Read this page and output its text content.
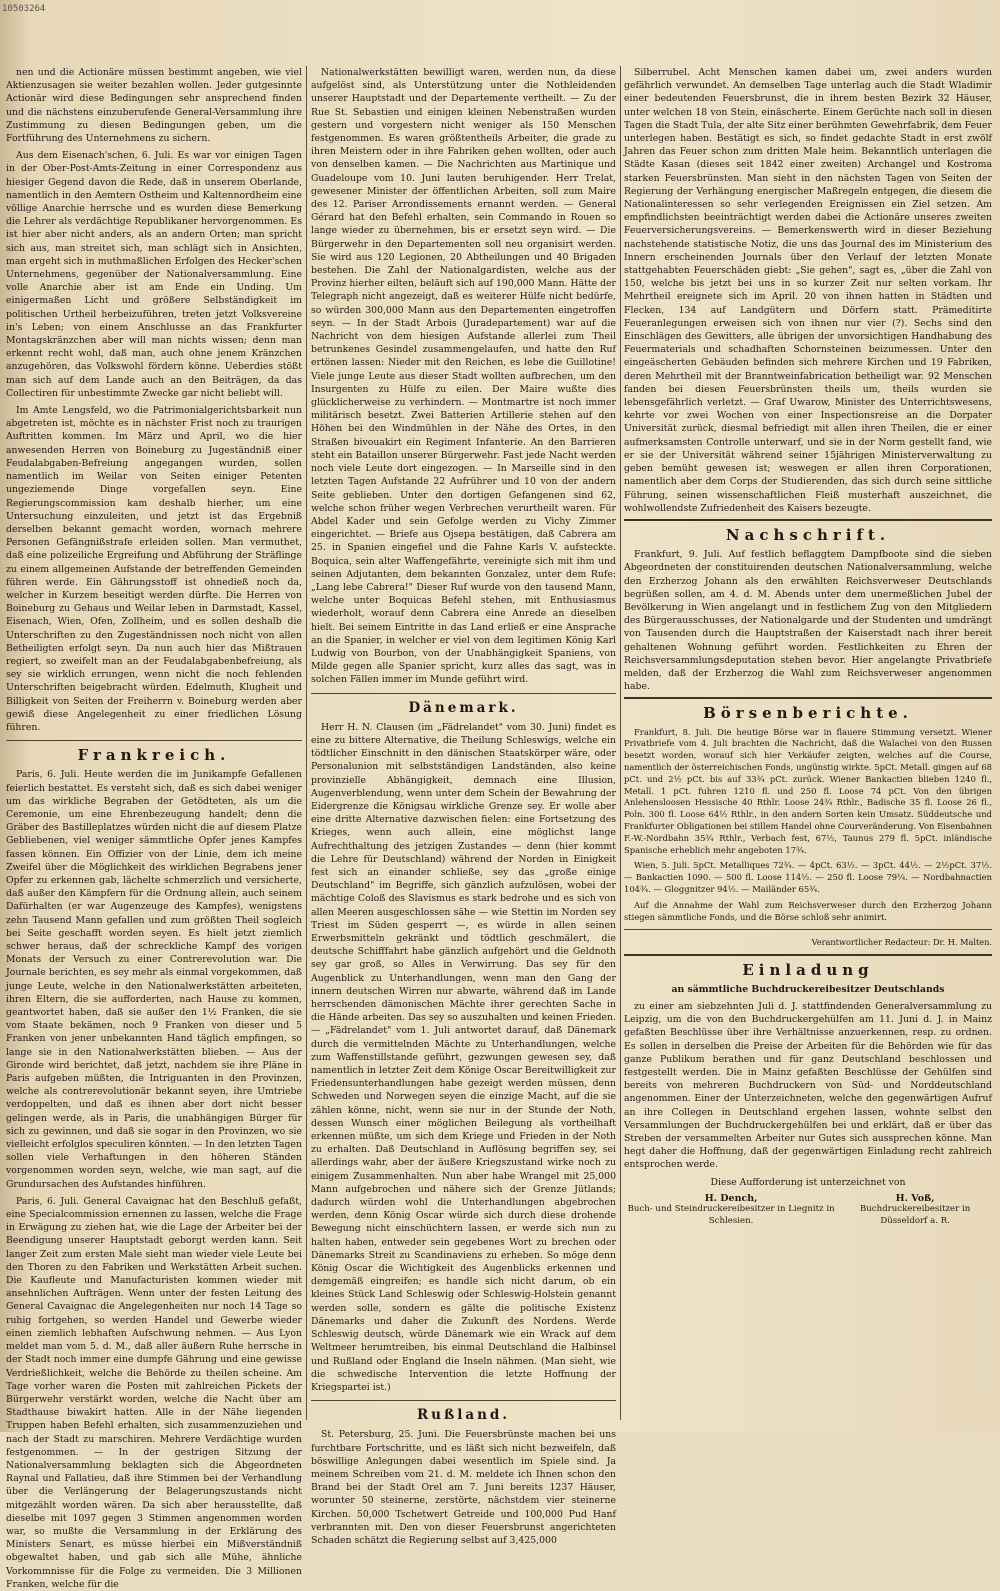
10503264

nen und die Actionäre müssen bestimmt angeben, wie viel Aktienzusagen sie weiter bezahlen wollen. Jeder gutgesinnte Actionär wird diese Bedingungen sehr ansprechend finden und die nächstens einzuberufende General-Versammlung ihre Zustimmung zu diesen Bedingungen geben, um die Fortführung des Unternehmens zu sichern.

Aus dem Eisenach'schen, 6. Juli. Es war vor einigen Tagen in der Ober-Post-Amts-Zeitung in einer Correspondenz aus hiesiger Gegend davon die Rede, daß in unserem Oberlande, namentlich in den Aemtern Ostheim und Kaltennordheim eine völlige Anarchie herrsche und es wurden diese Bemerkung die Lehrer als verdächtige Republikaner hervorgenommen. Es ist hier aber nicht anders, als an andern Orten; man spricht sich aus, man streitet sich, man schlägt sich in Ansichten, man ergeht sich in muthmaßlichen Erfolgen des Hecker'schen Unternehmens, gegenüber der Nationalversammlung. Eine volle Anarchie aber ist am Ende ein Unding. Um einigermaßen Licht und größere Selbständigkeit im politischen Urtheil herbeizuführen, treten jetzt Volksvereine in's Leben; von einem Anschlusse an das Frankfurter Montagskränzchen aber will man nichts wissen; denn man erkennt recht wohl, daß man, auch ohne jenem Kränzchen anzugehören, das Volkswohl fördern könne. Ueberdies stößt man sich auf dem Lande auch an den Beiträgen, da das Collectiren für unbestimmte Zwecke gar nicht beliebt will.

Im Amte Lengsfeld, wo die Patrimonialgerichtsbarkeit nun abgetreten ist, möchte es in nächster Frist noch zu traurigen Auftritten kommen. Im März und April, wo die hier anwesenden Herren von Boineburg zu Jugeständniß einer Feudalabgaben-Befreiung angegangen wurden, sollen namentlich im Weilar von Seiten einiger Petenten ungeziemende Dinge vorgefallen seyn. Eine Regierungscommission kam deshalb hierher, um eine Untersuchung einzuleiten, und jetzt ist das Ergebniß derselben bekannt gemacht worden, wornach mehrere Personen Gefängnißstrafe erleiden sollen. Man vermuthet, daß eine polizeiliche Ergreifung und Abführung der Sträflinge zu einem allgemeinen Aufstande der betreffenden Gemeinden führen werde. Ein Gährungsstoff ist ohnedieß noch da, welcher in Kurzem beseitigt werden dürfte. Die Herren von Boineburg zu Gehaus und Weilar leben in Darmstadt, Kassel, Eisenach, Wien, Ofen, Zollheim, und es sollen deshalb die Unterschriften zu den Zugeständnissen noch nicht von allen Betheiligten erfolgt seyn. Da nun auch hier das Mißtrauen regiert, so zweifelt man an der Feudalabgabenbefreiung, als sey sie wirklich errungen, wenn nicht die noch fehlenden Unterschriften beigebracht würden. Edelmuth, Klugheit und Billigkeit von Seiten der Freiherrn v. Boineburg werden aber gewiß diese Angelegenheit zu einer friedlichen Lösung führen.

Frankreich.

Paris, 6. Juli. Heute werden die im Junikampfe Gefallenen feierlich bestattet. Es versteht sich, daß es sich dabei weniger um das wirkliche Begraben der Getödteten, als um die Ceremonie, um eine Ehrenbezeugung handelt; denn die Gräber des Bastilleplatzes würden nicht die auf diesem Platze Gebliebenen, viel weniger sämmtliche Opfer jenes Kampfes fassen können. Ein Offizier von der Linie, dem ich meine Zweifel über die Möglichkeit des wirklichen Begrabens jener Opfer zu erkennen gab, lächelte schmerzlich und versicherte, daß außer den Kämpfern für die Ordnung allein, auch seinem Dafürhalten (er war Augenzeuge des Kampfes), wenigstens zehn Tausend Mann gefallen und zum größten Theil sogleich bei Seite geschafft worden seyen. Es hielt jetzt ziemlich schwer heraus, daß der schreckliche Kampf des vorigen Monats der Versuch zu einer Contrerevolution war. Die Journale berichten, es sey mehr als einmal vorgekommen, daß junge Leute, welche in den Nationalwerkstätten arbeiteten, ihren Eltern, die sie aufforderten, nach Hause zu kommen, geantwortet haben, daß sie außer den 1½ Franken, die sie vom Staate bekämen, noch 9 Franken von dieser und 5 Franken von jener unbekannten Hand täglich empfingen, so lange sie in den Nationalwerkstätten blieben. — Aus der Gironde wird berichtet, daß jetzt, nachdem sie ihre Pläne in Paris aufgeben müßten, die Intriguanten in den Provinzen, welche als contrerevolutionär bekannt seyen, ihre Umtriebe verdoppelten, und daß es ihnen aber dort nicht besser gelingen werde, als in Paris, die unabhängigen Bürger für sich zu gewinnen, und daß sie sogar in den Provinzen, wo sie vielleicht erfolglos speculiren könnten. — In den letzten Tagen sollen viele Verhaftungen in den höheren Ständen vorgenommen worden seyn, welche, wie man sagt, auf die Grundursachen des Aufstandes hinführen.

Paris, 6. Juli. General Cavaignac hat den Beschluß gefaßt, eine Specialcommission ernennen zu lassen, welche die Frage in Erwägung zu ziehen hat, wie die Lage der Arbeiter bei der Beendigung unserer Hauptstadt geborgt werden kann. Seit langer Zeit zum ersten Male sieht man wieder viele Leute bei den Thoren zu den Fabriken und Werkstätten Arbeit suchen. Die Kaufleute und Manufacturisten kommen wieder mit ansehnlichen Aufträgen. Wenn unter der festen Leitung des General Cavaignac die Angelegenheiten nur noch 14 Tage so ruhig fortgehen, so werden Handel und Gewerbe wieder einen ziemlich lebhaften Aufschwung nehmen. — Aus Lyon meldet man vom 5. d. M., daß aller äußern Ruhe herrsche in der Stadt noch immer eine dumpfe Gährung und eine gewisse Verdrießlichkeit, welche die Behörde zu theilen scheine. Am Tage vorher waren die Posten mit zahlreichen Pickets der Bürgerwehr verstärkt worden, welche die Nacht über am Stadthause biwakirt hatten. Alle in der Nähe liegenden Truppen haben Befehl erhalten, sich zusammenzuziehen und nach der Stadt zu marschiren. Mehrere Verdächtige wurden festgenommen. — In der gestrigen Sitzung der Nationalversammlung beklagten sich die Abgeordneten Raynal und Fallatieu, daß ihre Stimmen bei der Verhandlung über die Verlängerung der Belagerungszustands nicht mitgezählt worden wären. Da sich aber herausstellte, daß dieselbe mit 1097 gegen 3 Stimmen angenommen worden war, so mußte die Versammlung in der Erklärung des Ministers Senart, es müsse hierbei ein Mißverständniß obgewaltet haben, und gab sich alle Mühe, ähnliche Vorkommnisse für die Folge zu vermeiden. Die 3 Millionen Franken, welche für die

Nationalwerkstätten bewilligt waren, werden nun, da diese aufgelöst sind, als Unterstützung unter die Nothleidenden unserer Hauptstadt und der Departemente vertheilt. — Zu der Rue St. Sebastien und einigen kleinen Nebenstraßen wurden gestern und vorgestern nicht weniger als 150 Menschen festgenommen. Es waren größtentheils Arbeiter, die grade zu ihren Meistern oder in ihre Fabriken gehen wollten, oder auch von denselben kamen. — Die Nachrichten aus Martinique und Guadeloupe vom 10. Juni lauten beruhigender. Herr Trelat, gewesener Minister der öffentlichen Arbeiten, soll zum Maire des 12. Pariser Arrondissements ernannt werden. — General Gérard hat den Befehl erhalten, sein Commando in Rouen so lange wieder zu übernehmen, bis er ersetzt seyn wird. — Die Bürgerwehr in den Departementen soll neu organisirt werden. Sie wird aus 120 Legionen, 20 Abtheilungen und 40 Brigaden bestehen. Die Zahl der Nationalgardisten, welche aus der Provinz hierher eilten, beläuft sich auf 190,000 Mann. Hätte der Telegraph nicht angezeigt, daß es weiterer Hülfe nicht bedürfe, so würden 300,000 Mann aus den Departementen eingetroffen seyn. — In der Stadt Arbois (Juradepartement) war auf die Nachricht von dem hiesigen Aufstande allerlei zum Theil betrunkenes Gesindel zusammengelaufen, und hatte den Ruf ertönen lassen: Nieder mit den Reichen, es lebe die Guillotine! Viele junge Leute aus dieser Stadt wollten aufbrechen, um den Insurgenten zu Hülfe zu eilen. Der Maire wußte dies glücklicherweise zu verhindern. — Montmartre ist noch immer militärisch besetzt. Zwei Batterien Artillerie stehen auf den Höhen bei den Windmühlen in der Nähe des Ortes, in den Straßen bivouakirt ein Regiment Infanterie. An den Barrieren steht ein Bataillon unserer Bürgerwehr. Fast jede Nacht werden noch viele Leute dort eingezogen. — In Marseille sind in den letzten Tagen Aufstande 22 Aufrührer und 10 von der andern Seite geblieben. Unter den dortigen Gefangenen sind 62, welche schon früher wegen Verbrechen verurtheilt waren. Für Abdel Kader und sein Gefolge werden zu Vichy Zimmer eingerichtet. — Briefe aus Ojsepa bestätigen, daß Cabrera am 25. in Spanien eingefiel und die Fahne Karls V. aufsteckte. Boquica, sein alter Waffengefährte, vereinigte sich mit ihm und seinen Adjutanten, dem bekannten Gonzalez, unter dem Rufe: „Lang lebe Cabrera!" Dieser Ruf wurde von den tausend Mann, welche unter Boquicas Befehl stehen, mit Enthusiasmus wiederholt, worauf denn Cabrera eine Anrede an dieselben hielt. Bei seinem Eintritte in das Land erließ er eine Ansprache an die Spanier, in welcher er viel von dem legitimen König Karl Ludwig von Bourbon, von der Unabhängigkeit Spaniens, von Milde gegen alle Spanier spricht, kurz alles das sagt, was in solchen Fällen immer im Munde geführt wird.

Dänemark.

Herr H. N. Clausen (im „Fädrelandet" vom 30. Juni) findet es eine zu bittere Alternative, die Theilung Schleswigs, welche ein tödtlicher Einschnitt in den dänischen Staatskörper wäre, oder Personalunion mit selbstständigen Landständen, also keine provinzielle Abhängigkeit, demnach eine Illusion, Augenverblendung, wenn unter dem Schein der Bewahrung der Eidergrenze die Königsau wirkliche Grenze sey. Er wolle aber eine dritte Alternative dazwischen fielen: eine Fortsetzung des Krieges, wenn auch allein, eine möglichst lange Aufrechthaltung des jetzigen Zustandes — denn (hier kommt die Lehre für Deutschland) während der Norden in Einigkeit fest sich an einander schließe, sey das „große einige Deutschland" im Begriffe, sich gänzlich aufzulösen, wobei der mächtige Coloß des Slavismus es stark bedrohe und es sich von allen Meeren ausgeschlossen sähe — wie Stettin im Norden sey Triest im Süden gesperrt —, es würde in allen seinen Erwerbsmitteln gekränkt und tödtlich geschmälert, die deutsche Schifffahrt habe gänzlich aufgehört und die Geldnoth sey gar groß, so Alles in Verwirrung. Das sey für den Augenblick zu Unterhandlungen, wenn man den Gang der innern deutschen Wirren nur abwarte, während daß im Lande herrschenden dämonischen Mächte ihrer gerechten Sache in die Hände arbeiten. Das sey so auszuhalten und keinen Frieden. — „Fädrelandet" vom 1. Juli antwortet darauf, daß Dänemark durch die vermittelnden Mächte zu Unterhandlungen, welche zum Waffenstillstande geführt, gezwungen gewesen sey, daß namentlich in letzter Zeit dem Könige Oscar Bereitwilligkeit zur Friedensunterhandlungen habe gezeigt werden müssen, denn Schweden und Norwegen seyen die einzige Macht, auf die sie zählen könne, nicht, wenn sie nur in der Stunde der Noth, dessen Wunsch einer möglichen Beilegung als vortheilhaft erkennen müßte, um sich dem Kriege und Frieden in der Noth zu erhalten. Daß Deutschland in Auflösung begriffen sey, sei allerdings wahr, aber der äußere Kriegszustand wirke noch zu einigem Zusammenhalten. Nun aber habe Wrangel mit 25,000 Mann aufgebrochen und nähere sich der Grenze Jütlands; dadurch würden wohl die Unterhandlungen abgebrochen werden, denn König Oscar würde sich durch diese drohende Bewegung nicht einschüchtern lassen, er werde sich nun zu halten haben, entweder sein gegebenes Wort zu brechen oder Dänemarks Streit zu Scandinaviens zu erheben. So möge denn König Oscar die Wichtigkeit des Augenblicks erkennen und demgemäß eingreifen; es handle sich nicht darum, ob ein kleines Stück Land Schleswig oder Schleswig-Holstein genannt werden solle, sondern es gälte die politische Existenz Dänemarks und daher die Zukunft des Nordens. Werde Schleswig deutsch, würde Dänemark wie ein Wrack auf dem Weltmeer herumtreiben, bis einmal Deutschland die Halbinsel und Rußland oder England die Inseln nähmen. (Man sieht, wie die schwedische Intervention die letzte Hoffnung der Kriegspartei ist.)

Rußland.

St. Petersburg, 25. Juni. Die Feuersbrünste machen bei uns furchtbare Fortschritte, und es läßt sich nicht bezweifeln, daß böswillige Anlegungen dabei wesentlich im Spiele sind. Ja meinem Schreiben vom 21. d. M. meldete ich Ihnen schon den Brand bei der Stadt Orel am 7. Juni bereits 1237 Häuser, worunter 50 steinerne, zerstörte, nächstdem vier steinerne Kirchen. 50,000 Tschetwert Getreide und 100,000 Pud Hanf verbrannten mit. Den von dieser Feuersbrunst angerichteten Schaden schätzt die Regierung selbst auf 3,425,000

Silberrubel. Acht Menschen kamen dabei um, zwei anders wurden gefährlich verwundet. An demselben Tage unterlag auch die Stadt Wladimir einer bedeutenden Feuersbrunst, die in ihrem besten Bezirk 32 Häuser, unter welchen 18 von Stein, einäscherte. Einem Gerüchte nach soll in diesen Tagen die Stadt Tula, der alte Sitz einer berühmten Gewehrfabrik, dem Feuer unterlegen haben. Bestätigt es sich, so findet gedachte Stadt in erst zwölf Jahren das Feuer schon zum dritten Male heim. Bekanntlich unterlagen die Städte Kasan (dieses seit 1842 einer zweiten) Archangel und Kostroma starken Feuersbrünsten. Man sieht in den nächsten Tagen von Seiten der Regierung der Verhängung energischer Maßregeln entgegen, die diesem die Nationalinteressen so sehr verlegenden Ereignissen ein Ziel setzen. Am empfindlichsten beeinträchtigt werden dabei die Actionäre unseres zweiten Feuerversicherungsvereins. — Bemerkenswerth wird in dieser Beziehung nachstehende statistische Notiz, die uns das Journal des im Ministerium des Innern erscheinenden Journals über den Verlauf der letzten Monate stattgehabten Feuerschäden giebt: „Sie gehen", sagt es, „über die Zahl von 150, welche bis jetzt bei uns in so kurzer Zeit nur selten vorkam. Ihr Mehrtheil ereignete sich im April. 20 von ihnen hatten in Städten und Flecken, 134 auf Landgütern und Dörfern statt. Prämeditirte Feueranlegungen erweisen sich von ihnen nur vier (?). Sechs sind den Einschlägen des Gewitters, alle übrigen der unvorsichtigen Handhabung des Feuermaterials und schadhaften Schornsteinen beizumessen. Unter den eingeäscherten Gebäuden befinden sich mehrere Kirchen und 19 Fabriken, deren Mehrtheil mit der Branntweinfabrication betheiligt war. 92 Menschen fanden bei diesen Feuersbrünsten theils um, theils wurden sie lebensgefährlich verletzt. — Graf Uwarow, Minister des Unterrichtswesens, kehrte vor zwei Wochen von einer Inspectionsreise an die Dorpater Universität zurück, diesmal befriedigt mit allen ihren Theilen, die er einer aufmerksamsten Controlle unterwarf, und sie in der Norm gestellt fand, wie er sie der Universität während seiner 15jährigen Ministerverwaltung zu geben bemüht gewesen ist; weswegen er allen ihren Corporationen, namentlich aber dem Corps der Studierenden, das sich durch seine sittliche Führung, seinen wissenschaftlichen Fleiß musterhaft auszeichnet, die wohlwollendste Zufriedenheit des Kaisers bezeugte.

Nachschrift.

Frankfurt, 9. Juli. Auf festlich beflaggtem Dampfboote sind die sieben Abgeordneten der constituirenden deutschen Nationalversammlung, welche den Erzherzog Johann als den erwählten Reichsverweser Deutschlands begrüßen sollen, am 4. d. M. Abends unter dem unermeßlichen Jubel der Bevölkerung in Wien angelangt und in festlichem Zug von den Mitgliedern des Bürgerausschusses, der Nationalgarde und der Studenten und umdrängt von Tausenden durch die Hauptstraßen der Kaiserstadt nach ihrer bereit gehaltenen Wohnung geführt worden. Festlichkeiten zu Ehren der Reichsversammlungsdeputation stehen bevor. Hier angelangte Privatbriefe melden, daß der Erzherzog die Wahl zum Reichsverweser angenommen habe.

Börsenberichte.

Frankfurt, 8. Juli. Die heutige Börse war in flauere Stimmung versetzt. Wiener Privatbriefe vom 4. Juli brachten die Nachricht, daß die Walachei von den Russen besetzt worden, worauf sich hier Verkäufer zeigten, welches auf die Course, namentlich der österreichischen Fonds, ungünstig wirkte. 5pCt. Metall. gingen auf 68 pCt. und 2½ pCt. bis auf 33¾ pCt. zurück. Wiener Bankactien blieben 1240 fl., Metall. 1 pCt. fuhren 1210 fl. und 250 fl. Loose 74 pCt. Von den übrigen Anlehensloosen Hessische 40 Rthlr. Loose 24¾ Rthlr., Badische 35 fl. Loose 26 fl., Poln. 300 fl. Loose 64½ Rthlr., in den andern Sorten kein Umsatz. Süddeutsche und Frankfurter Obligationen bei stillem Handel ohne Courveränderung. Von Eisenbahnen F.-W.-Nordbahn 35¾ Rthlr., Verbach fest, 67½, Taunus 279 fl. 5pCt. inländische Spanische erheblich mehr angeboten 17¾.

Wien, 5. Juli. 5pCt. Metalliques 72¾. — 4pCt. 63½. — 3pCt. 44½. — 2½pCt. 37½. — Bankactien 1090. — 500 fl. Loose 114½. — 250 fl. Loose 79¼. — Nordbahnactien 104¾. — Gloggnitzer 94½. — Mailänder 65¾.

Auf die Annahme der Wahl zum Reichsverweser durch den Erzherzog Johann stiegen sämmtliche Fonds, und die Börse schloß sehr animirt.

Verantwortlicher Redacteur: Dr. H. Malten.

Einladung

an sämmtliche Buchdruckereibesitzer Deutschlands

zu einer am siebzehnten Juli d. J. stattfindenden Generalversammlung zu Leipzig, um die von den Buchdruckergehülfen am 11. Juni d. J. in Mainz gefaßten Beschlüsse über ihre Verhältnisse anzuerkennen, resp. zu ordnen. Es sollen in derselben die Preise der Arbeiten für die Behörden wie für das ganze Publikum berathen und für ganz Deutschland beschlossen und festgestellt werden. Die in Mainz gefaßten Beschlüsse der Gehülfen sind bereits von mehreren Buchdruckern von Süd- und Norddeutschland angenommen. Einer der Unterzeichneten, welche den gegenwärtigen Aufruf an ihre Collegen in Deutschland ergehen lassen, wohnte selbst den Versammlungen der Buchdruckergehülfen bei und erklärt, daß er über das Streben der versammelten Arbeiter nur Gutes sich aussprechen könne. Man hegt daher die Hoffnung, daß der gegenwärtigen Einladung recht zahlreich entsprochen werde.

Diese Aufforderung ist unterzeichnet von

H. Dench,
Buch- und Steindruckereibesitzer in Liegnitz in Schlesien.
H. Voß,
Buchdruckereibesitzer in Düsseldorf a. R.
